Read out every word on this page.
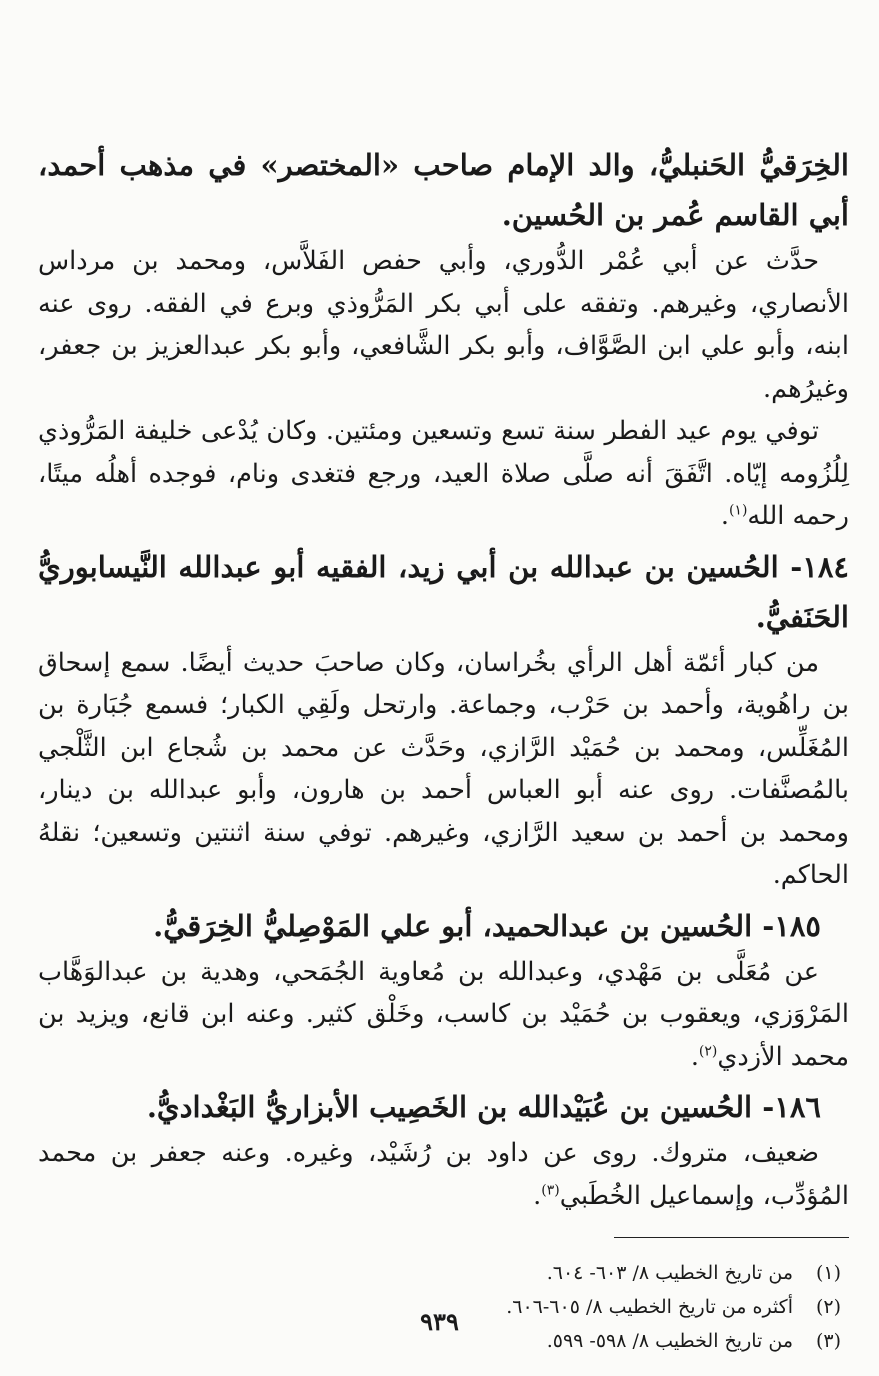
الخِرَقيُّ الحَنبليُّ، والد الإمام صاحب «المختصر» في مذهب أحمد، أبي القاسم عُمر بن الحُسين.

حدَّث عن أبي عُمْر الدُّوري، وأبي حفص الفَلاَّس، ومحمد بن مرداس الأنصاري، وغيرهم. وتفقه على أبي بكر المَرُّوذي وبرع في الفقه. روى عنه ابنه، وأبو علي ابن الصَّوَّاف، وأبو بكر الشَّافعي، وأبو بكر عبدالعزيز بن جعفر، وغيرُهم.

توفي يوم عيد الفطر سنة تسع وتسعين ومئتين. وكان يُدْعى خليفة المَرُّوذي لِلُزُومه إيّاه. اتَّفَقَ أنه صلَّى صلاة العيد، ورجع فتغدى ونام، فوجده أهلُه ميتًا، رحمه الله$^{(١)}$.

١٨٤- الحُسين بن عبدالله بن أبي زيد، الفقيه أبو عبدالله النَّيسابوريُّ الحَنَفيُّ.

من كبار أئمّة أهل الرأي بخُراسان، وكان صاحبَ حديث أيضًا. سمع إسحاق بن راهُوية، وأحمد بن حَرْب، وجماعة. وارتحل ولَقِي الكبار؛ فسمع جُبَارة بن المُغَلِّس، ومحمد بن حُمَيْد الرَّازي، وحَدَّث عن محمد بن شُجاع ابن الثَّلْجي بالمُصنَّفات. روى عنه أبو العباس أحمد بن هارون، وأبو عبدالله بن دينار، ومحمد بن أحمد بن سعيد الرَّازي، وغيرهم. توفي سنة اثنتين وتسعين؛ نقلهُ الحاكم.

١٨٥- الحُسين بن عبدالحميد، أبو علي المَوْصِليُّ الخِرَقيُّ.

عن مُعَلَّى بن مَهْدي، وعبدالله بن مُعاوية الجُمَحي، وهدية بن عبدالوَهَّاب المَرْوَزي، ويعقوب بن حُمَيْد بن كاسب، وخَلْق كثير. وعنه ابن قانع، ويزيد بن محمد الأزدي$^{(٢)}$.

١٨٦- الحُسين بن عُبَيْدالله بن الخَصِيب الأبزاريُّ البَغْداديُّ.

ضعيف، متروك. روى عن داود بن رُشَيْد، وغيره. وعنه جعفر بن محمد المُؤدِّب، وإسماعيل الخُطَبي$^{(٣)}$.

(١)
من تاريخ الخطيب ٨/ ٦٠٣- ٦٠٤.
(٢)
أكثره من تاريخ الخطيب ٨/ ٦٠٥-٦٠٦.
(٣)
من تاريخ الخطيب ٨/ ٥٩٨- ٥٩٩.
٩٣٩
